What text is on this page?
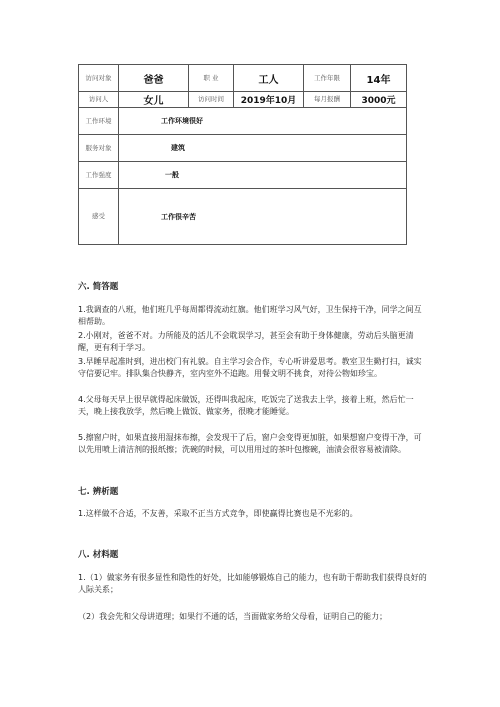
访问对象	爸爸	职 业	工人	工作年限	14年
访问人	女儿	访问时间	2019年10月	每月报酬	3000元
工作环境	工作环境很好				
服务对象	建筑				
工作强度	一般				
感受	工作很辛苦				
六. 简答题
1.我调查的八班，他们班几乎每周都得流动红旗。他们班学习风气好，卫生保持干净，同学之间互相帮助。
2.小刚对，爸爸不对。力所能及的活儿不会耽误学习，甚至会有助于身体健康，劳动后头脑更清醒，更有利于学习。
3.早睡早起准时到，进出校门有礼貌。自主学习会合作，专心听讲爱思考。教室卫生勤打扫，诚实守信要记牢。排队集合快静齐，室内室外不追跑。用餐文明不挑食，对待公物如珍宝。
4.父母每天早上很早就得起床做饭，还得叫我起床，吃饭完了送我去上学，接着上班，然后忙一天，晚上接我放学，然后晚上做饭、做家务，很晚才能睡觉。
5.擦窗户时，如果直接用湿抹布擦，会发现干了后，窗户会变得更加脏，如果想窗户变得干净，可以先用喷上清洁剂的报纸擦；洗碗的时候，可以用用过的茶叶包擦碗，油渍会很容易被清除。
七. 辨析题
1.这样做不合适，不友善，采取不正当方式竞争，即使赢得比赛也是不光彩的。
八. 材料题
1.（1）做家务有很多显性和隐性的好处，比如能够锻炼自己的能力，也有助于帮助我们获得良好的人际关系；
（2）我会先和父母讲道理；如果行不通的话，当面做家务给父母看，证明自己的能力；
